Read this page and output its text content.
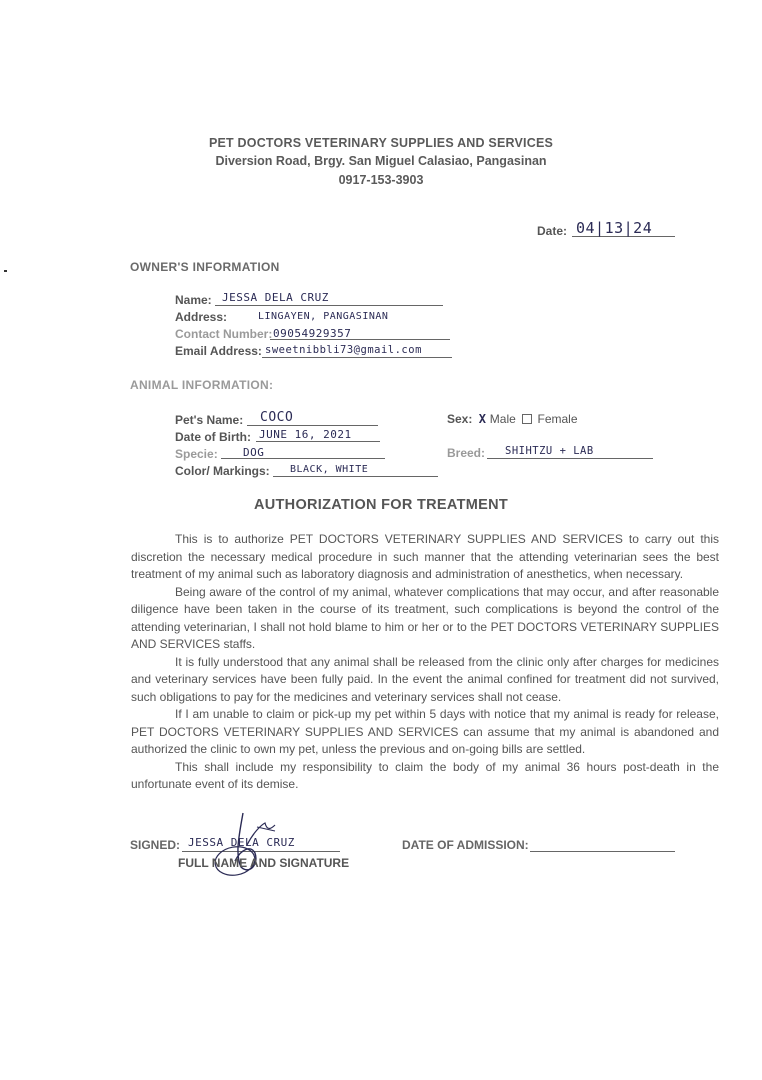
PET DOCTORS VETERINARY SUPPLIES AND SERVICES
Diversion Road, Brgy. San Miguel Calasiao, Pangasinan
0917-153-3903
Date: 04|13|24
OWNER'S INFORMATION
Name: JESSA DELA CRUZ
Address:	LINGAYEN, PANGASINAN
Contact Number: 09054929357
Email Address: sweetnibbli73@gmail.com
ANIMAL INFORMATION:
Pet's Name: COCO
Date of Birth: JUNE 16, 2021
Specie: DOG
Color/ Markings: BLACK, WHITE
Sex: X Male Female
Breed: SHIHTZU + LAB
AUTHORIZATION FOR TREATMENT

This is to authorize PET DOCTORS VETERINARY SUPPLIES AND SERVICES to carry out this discretion the necessary medical procedure in such manner that the attending veterinarian sees the best treatment of my animal such as laboratory diagnosis and administration of anesthetics, when necessary.

Being aware of the control of my animal, whatever complications that may occur, and after reasonable diligence have been taken in the course of its treatment, such complications is beyond the control of the attending veterinarian, I shall not hold blame to him or her or to the PET DOCTORS VETERINARY SUPPLIES AND SERVICES staffs.

It is fully understood that any animal shall be released from the clinic only after charges for medicines and veterinary services have been fully paid. In the event the animal confined for treatment did not survived, such obligations to pay for the medicines and veterinary services shall not cease.

If I am unable to claim or pick-up my pet within 5 days with notice that my animal is ready for release, PET DOCTORS VETERINARY SUPPLIES AND SERVICES can assume that my animal is abandoned and authorized the clinic to own my pet, unless the previous and on-going bills are settled.

This shall include my responsibility to claim the body of my animal 36 hours post-death in the unfortunate event of its demise.

SIGNED: JESSA DELA CRUZ
FULL NAME AND SIGNATURE
DATE OF ADMISSION:
